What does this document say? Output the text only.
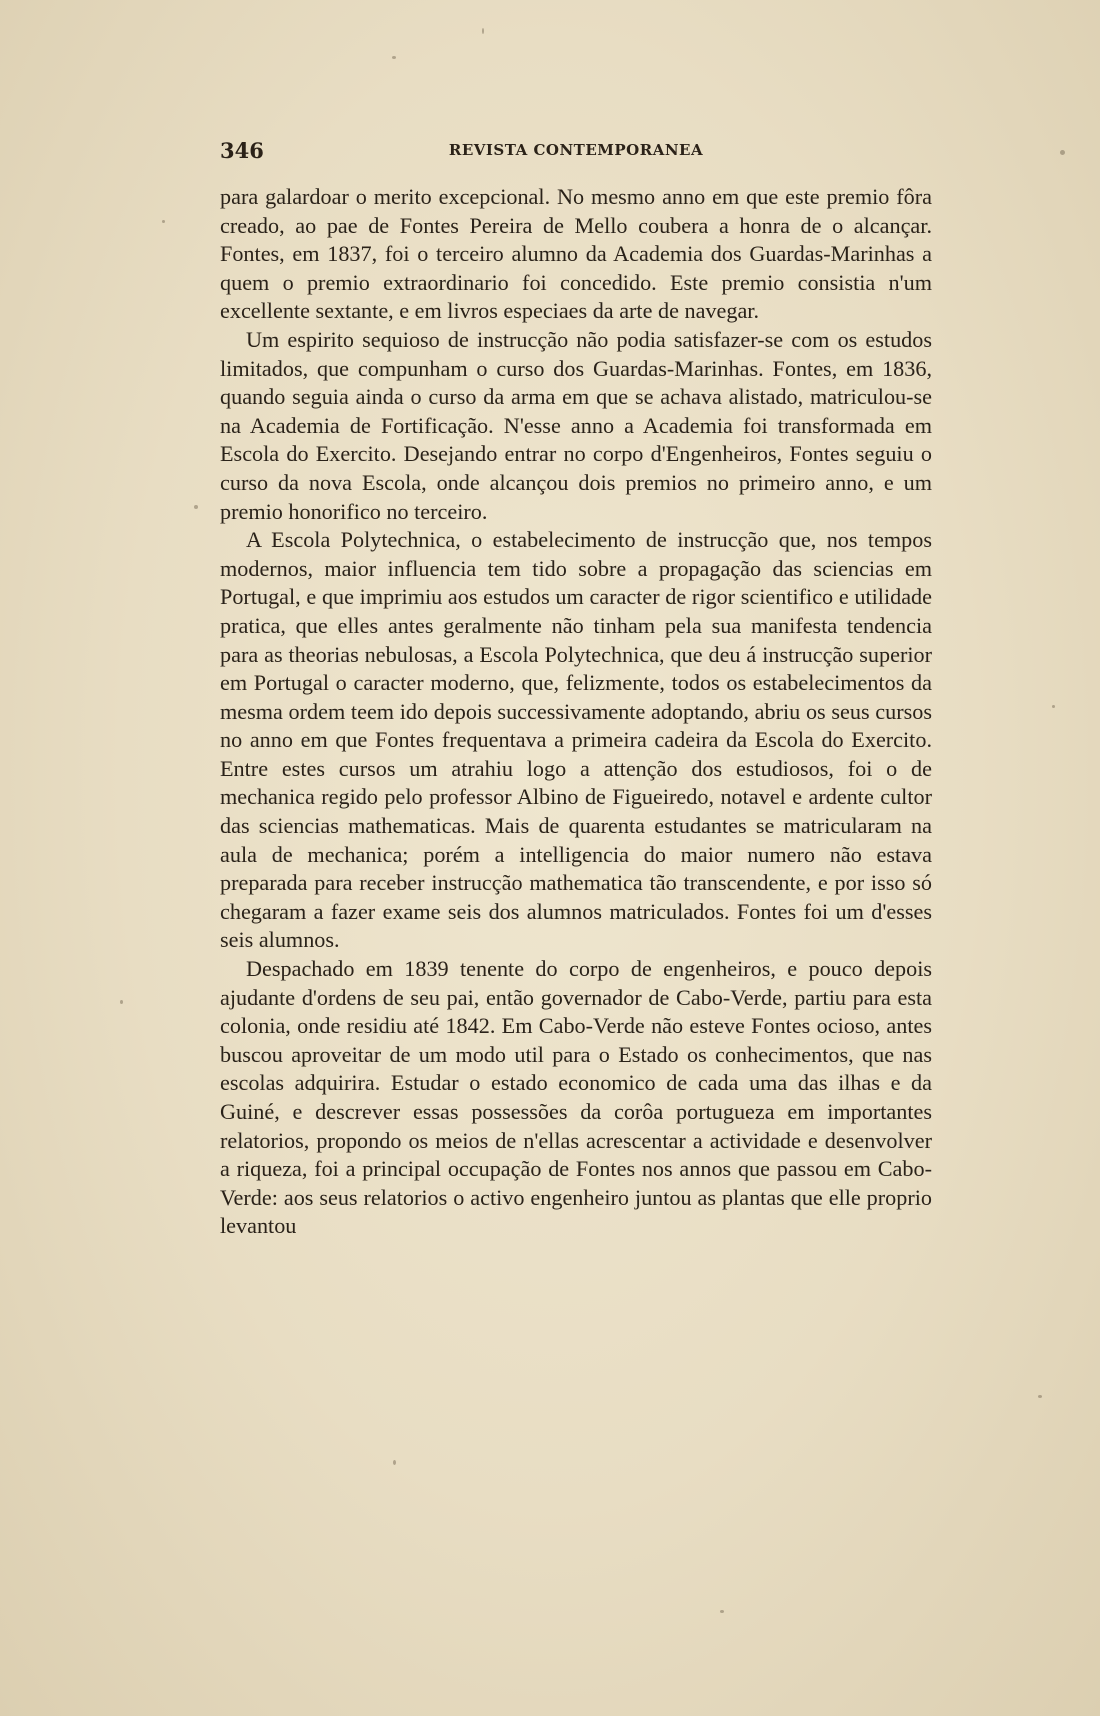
346	REVISTA CONTEMPORANEA

para galardoar o merito excepcional. No mesmo anno em que este premio fôra creado, ao pae de Fontes Pereira de Mello coubera a honra de o alcançar. Fontes, em 1837, foi o terceiro alumno da Academia dos Guardas-Marinhas a quem o premio extraordinario foi concedido. Este premio consistia n'um excellente sextante, e em livros especiaes da arte de navegar.

Um espirito sequioso de instrucção não podia satisfazer-se com os estudos limitados, que compunham o curso dos Guardas-Marinhas. Fontes, em 1836, quando seguia ainda o curso da arma em que se achava alistado, matriculou-se na Academia de Fortificação. N'esse anno a Academia foi transformada em Escola do Exercito. Desejando entrar no corpo d'Engenheiros, Fontes seguiu o curso da nova Escola, onde alcançou dois premios no primeiro anno, e um premio honorifico no terceiro.

A Escola Polytechnica, o estabelecimento de instrucção que, nos tempos modernos, maior influencia tem tido sobre a propagação das sciencias em Portugal, e que imprimiu aos estudos um caracter de rigor scientifico e utilidade pratica, que elles antes geralmente não tinham pela sua manifesta tendencia para as theorias nebulosas, a Escola Polytechnica, que deu á instrucção superior em Portugal o caracter moderno, que, felizmente, todos os estabelecimentos da mesma ordem teem ido depois successivamente adoptando, abriu os seus cursos no anno em que Fontes frequentava a primeira cadeira da Escola do Exercito. Entre estes cursos um atrahiu logo a attenção dos estudiosos, foi o de mechanica regido pelo professor Albino de Figueiredo, notavel e ardente cultor das sciencias mathematicas. Mais de quarenta estudantes se matricularam na aula de mechanica; porém a intelligencia do maior numero não estava preparada para receber instrucção mathematica tão transcendente, e por isso só chegaram a fazer exame seis dos alumnos matriculados. Fontes foi um d'esses seis alumnos.

Despachado em 1839 tenente do corpo de engenheiros, e pouco depois ajudante d'ordens de seu pai, então governador de Cabo-Verde, partiu para esta colonia, onde residiu até 1842. Em Cabo-Verde não esteve Fontes ocioso, antes buscou aproveitar de um modo util para o Estado os conhecimentos, que nas escolas adquirira. Estudar o estado economico de cada uma das ilhas e da Guiné, e descrever essas possessões da corôa portugueza em importantes relatorios, propondo os meios de n'ellas acrescentar a actividade e desenvolver a riqueza, foi a principal occupação de Fontes nos annos que passou em Cabo-Verde: aos seus relatorios o activo engenheiro juntou as plantas que elle proprio levantou
